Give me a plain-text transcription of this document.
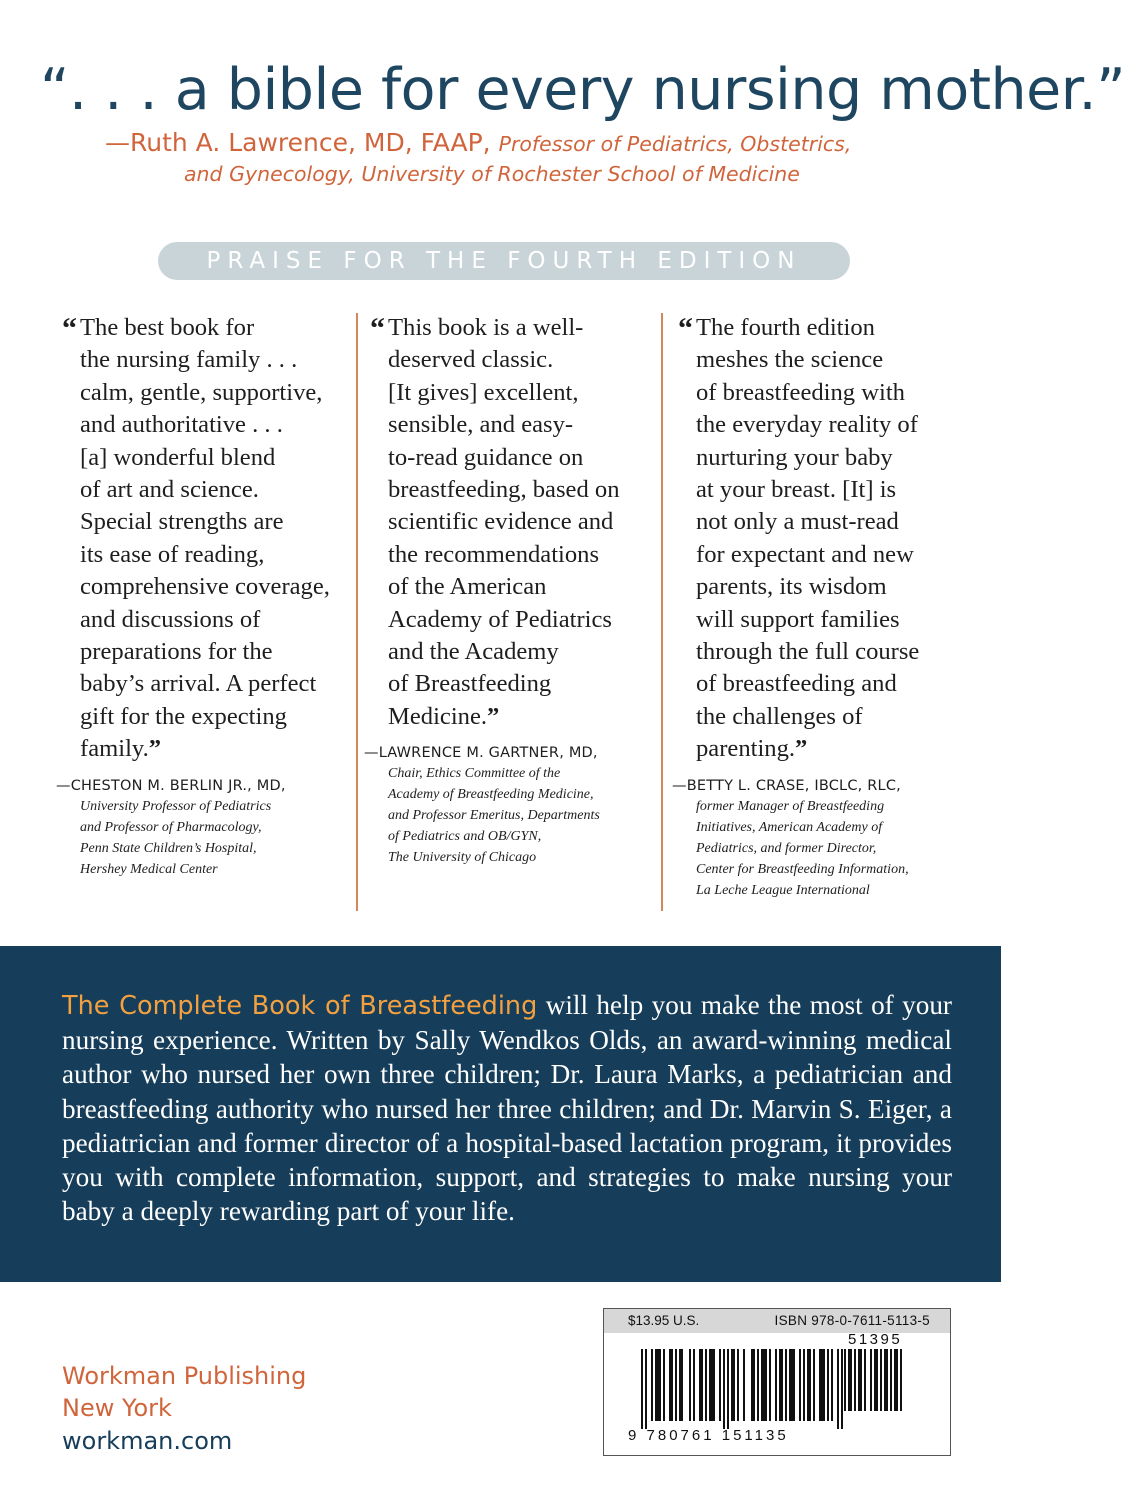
“. . . a bible for every nursing mother.”
—Ruth A. Lawrence, MD, FAAP, Professor of Pediatrics, Obstetrics,
and Gynecology, University of Rochester School of Medicine
PRAISE FOR THE FOURTH EDITION
“ The best book for
the nursing family . . .
calm, gentle, supportive,
and authoritative . . .
[a] wonderful blend
of art and science.
Special strengths are
its ease of reading,
comprehensive coverage,
and discussions of
preparations for the
baby’s arrival. A perfect
gift for the expecting
family.”
—CHESTON M. BERLIN JR., MD,
University Professor of Pediatrics
and Professor of Pharmacology,
Penn State Children’s Hospital,
Hershey Medical Center
“ This book is a well-
deserved classic.
[It gives] excellent,
sensible, and easy-
to-read guidance on
breastfeeding, based on
scientific evidence and
the recommendations
of the American
Academy of Pediatrics
and the Academy
of Breastfeeding
Medicine.”
—LAWRENCE M. GARTNER, MD,
Chair, Ethics Committee of the
Academy of Breastfeeding Medicine,
and Professor Emeritus, Departments
of Pediatrics and OB/GYN,
The University of Chicago
“ The fourth edition
meshes the science
of breastfeeding with
the everyday reality of
nurturing your baby
at your breast. [It] is
not only a must-read
for expectant and new
parents, its wisdom
will support families
through the full course
of breastfeeding and
the challenges of
parenting.”
—BETTY L. CRASE, IBCLC, RLC,
former Manager of Breastfeeding
Initiatives, American Academy of
Pediatrics, and former Director,
Center for Breastfeeding Information,
La Leche League International
The Complete Book of Breastfeeding will help you make the most of your nursing experience. Written by Sally Wendkos Olds, an award-winning medical author who nursed her own three children; Dr. Laura Marks, a pediatrician and breastfeeding authority who nursed her three children; and Dr. Marvin S. Eiger, a pediatrician and former director of a hospital-based lactation program, it provides you with complete information, support, and strategies to make nursing your baby a deeply rewarding part of your life.
Workman Publishing
New York
workman.com
$13.95 U.S.	ISBN 978-0-7611-5113-5
51395
9 780761 151135
